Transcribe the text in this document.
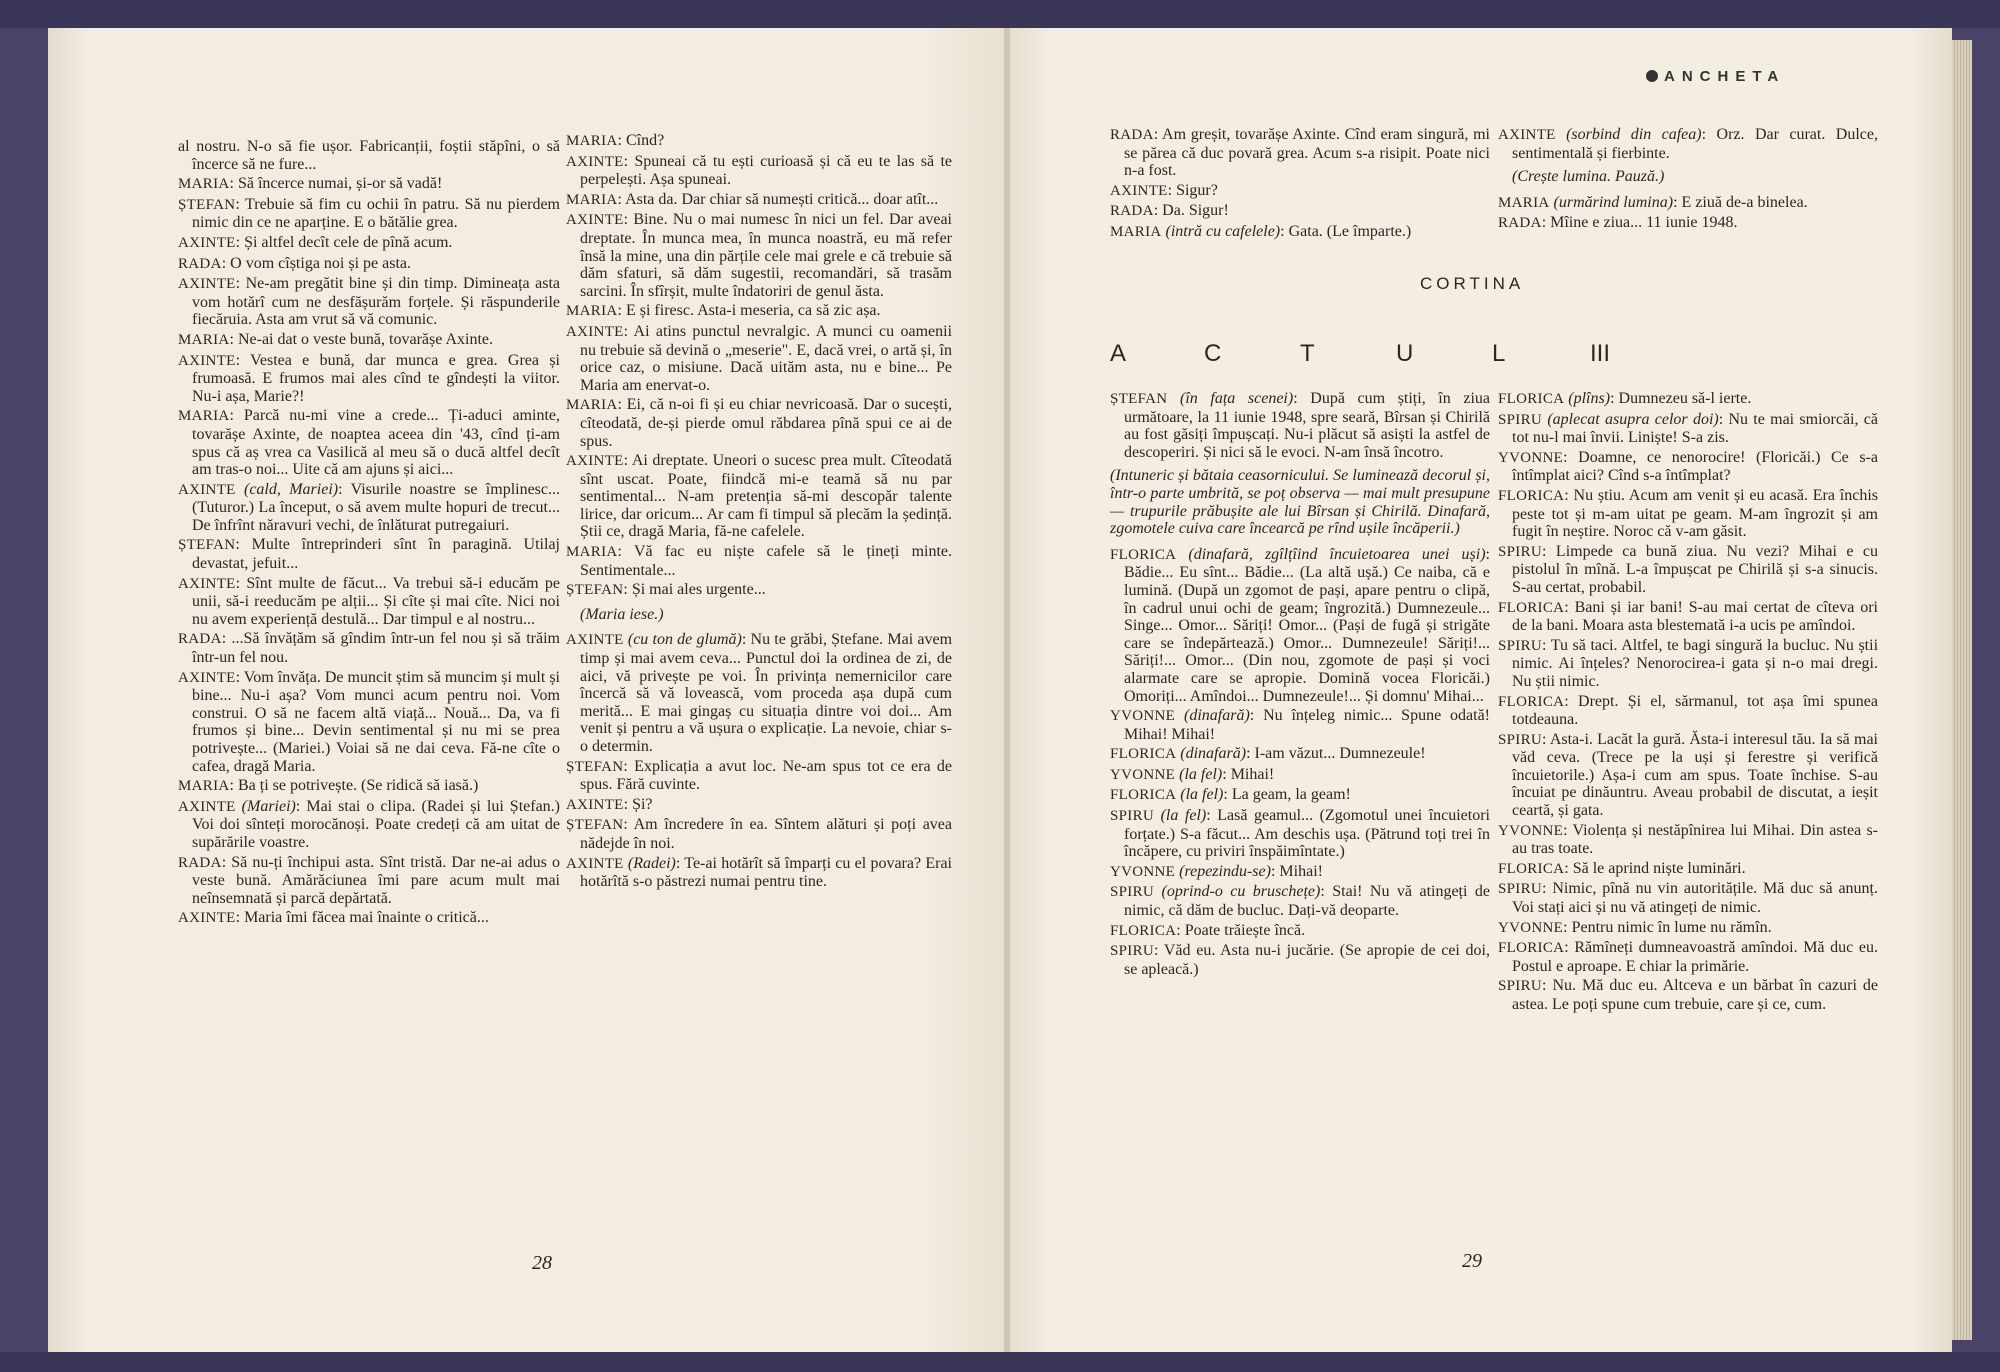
al nostru. N-o să fie ușor. Fabricanții, foștii stăpîni, o să încerce să ne fure...

MARIA: Să încerce numai, și-or să vadă!

ȘTEFAN: Trebuie să fim cu ochii în patru. Să nu pierdem nimic din ce ne aparține. E o bătălie grea.

AXINTE: Și altfel decît cele de pînă acum.

RADA: O vom cîștiga noi și pe asta.

AXINTE: Ne-am pregătit bine și din timp. Dimineața asta vom hotărî cum ne desfășurăm forțele. Și răspunderile fiecăruia. Asta am vrut să vă comunic.

MARIA: Ne-ai dat o veste bună, tovarășe Axinte.

AXINTE: Vestea e bună, dar munca e grea. Grea și frumoasă. E frumos mai ales cînd te gîndești la viitor. Nu-i așa, Marie?!

MARIA: Parcă nu-mi vine a crede... Ți-aduci aminte, tovarășe Axinte, de noaptea aceea din '43, cînd ți-am spus că aș vrea ca Vasilică al meu să o ducă altfel decît am tras-o noi... Uite că am ajuns și aici...

AXINTE (cald, Mariei): Visurile noastre se împlinesc... (Tuturor.) La început, o să avem multe hopuri de trecut... De înfrînt năravuri vechi, de înlăturat putregaiuri.

ȘTEFAN: Multe întreprinderi sînt în paragină. Utilaj devastat, jefuit...

AXINTE: Sînt multe de făcut... Va trebui să-i educăm pe unii, să-i reeducăm pe alții... Și cîte și mai cîte. Nici noi nu avem experiență destulă... Dar timpul e al nostru...

RADA: ...Să învățăm să gîndim într-un fel nou și să trăim într-un fel nou.

AXINTE: Vom învăța. De muncit știm să muncim și mult și bine... Nu-i așa? Vom munci acum pentru noi. Vom construi. O să ne facem altă viață... Nouă... Da, va fi frumos și bine... Devin sentimental și nu mi se prea potrivește... (Mariei.) Voiai să ne dai ceva. Fă-ne cîte o cafea, dragă Maria.

MARIA: Ba ți se potrivește. (Se ridică să iasă.)

AXINTE (Mariei): Mai stai o clipa. (Radei și lui Ștefan.) Voi doi sînteți morocănoși. Poate credeți că am uitat de supărările voastre.

RADA: Să nu-ți închipui asta. Sînt tristă. Dar ne-ai adus o veste bună. Amărăciunea îmi pare acum mult mai neînsemnată și parcă depărtată.

AXINTE: Maria îmi făcea mai înainte o critică...

MARIA: Cînd?

AXINTE: Spuneai că tu ești curioasă și că eu te las să te perpelești. Așa spuneai.

MARIA: Asta da. Dar chiar să numești critică... doar atît...

AXINTE: Bine. Nu o mai numesc în nici un fel. Dar aveai dreptate. În munca mea, în munca noastră, eu mă refer însă la mine, una din părțile cele mai grele e că trebuie să dăm sfaturi, să dăm sugestii, recomandări, să trasăm sarcini. În sfîrșit, multe îndatoriri de genul ăsta.

MARIA: E și firesc. Asta-i meseria, ca să zic așa.

AXINTE: Ai atins punctul nevralgic. A munci cu oamenii nu trebuie să devină o „meserie". E, dacă vrei, o artă și, în orice caz, o misiune. Dacă uităm asta, nu e bine... Pe Maria am enervat-o.

MARIA: Ei, că n-oi fi și eu chiar nevricoasă. Dar o sucești, cîteodată, de-și pierde omul răbdarea pînă spui ce ai de spus.

AXINTE: Ai dreptate. Uneori o sucesc prea mult. Cîteodată sînt uscat. Poate, fiindcă mi-e teamă să nu par sentimental... N-am pretenția să-mi descopăr talente lirice, dar oricum... Ar cam fi timpul să plecăm la ședință. Știi ce, dragă Maria, fă-ne cafelele.

MARIA: Vă fac eu niște cafele să le țineți minte. Sentimentale...

ȘTEFAN: Și mai ales urgente...

(Maria iese.)

AXINTE (cu ton de glumă): Nu te grăbi, Ștefane. Mai avem timp și mai avem ceva... Punctul doi la ordinea de zi, de aici, vă privește pe voi. În privința nemernicilor care încercă să vă lovească, vom proceda așa după cum merită... E mai gingaș cu situația dintre voi doi... Am venit și pentru a vă ușura o explicație. La nevoie, chiar s-o determin.

ȘTEFAN: Explicația a avut loc. Ne-am spus tot ce era de spus. Fără cuvinte.

AXINTE: Și?

ȘTEFAN: Am încredere în ea. Sîntem alături și poți avea nădejde în noi.

AXINTE (Radei): Te-ai hotărît să împarți cu el povara? Erai hotărîtă s-o păstrezi numai pentru tine.

28
ANCHETA

RADA: Am greșit, tovarășe Axinte. Cînd eram singură, mi se părea că duc povară grea. Acum s-a risipit. Poate nici n-a fost.

AXINTE: Sigur?

RADA: Da. Sigur!

MARIA (intră cu cafelele): Gata. (Le împarte.)

AXINTE (sorbind din cafea): Orz. Dar curat. Dulce, sentimentală și fierbinte.

(Crește lumina. Pauză.)

MARIA (urmărind lumina): E ziuă de-a binelea.

RADA: Mîine e ziua... 11 iunie 1948.

CORTINA
A	C	T	U	L	III

ȘTEFAN (în fața scenei): După cum știți, în ziua următoare, la 11 iunie 1948, spre seară, Bîrsan și Chirilă au fost găsiți împușcați. Nu-i plăcut să asiști la astfel de descoperiri. Și nici să le evoci. N-am însă încotro.

(Intuneric și bătaia ceasornicului. Se luminează decorul și, într-o parte umbrită, se poț observa — mai mult presupune — trupurile prăbușite ale lui Bîrsan și Chirilă. Dinafară, zgomotele cuiva care încearcă pe rînd ușile încăperii.)

FLORICA (dinafară, zgîlțîind încuietoarea unei uși): Bădie... Eu sînt... Bădie... (La altă ușă.) Ce naiba, că e lumină. (După un zgomot de pași, apare pentru o clipă, în cadrul unui ochi de geam; îngrozită.) Dumnezeule... Singe... Omor... Săriți! Omor... (Pași de fugă și strigăte care se îndepărtează.) Omor... Dumnezeule! Săriți!... Săriți!... Omor... (Din nou, zgomote de pași și voci alarmate care se apropie. Domină vocea Floricăi.) Omoriți... Amîndoi... Dumnezeule!... Și domnu' Mihai...

YVONNE (dinafară): Nu înțeleg nimic... Spune odată! Mihai! Mihai!

FLORICA (dinafară): I-am văzut... Dumnezeule!

YVONNE (la fel): Mihai!

FLORICA (la fel): La geam, la geam!

SPIRU (la fel): Lasă geamul... (Zgomotul unei încuietori forțate.) S-a făcut... Am deschis ușa. (Pătrund toți trei în încăpere, cu priviri înspăimîntate.)

YVONNE (repezindu-se): Mihai!

SPIRU (oprind-o cu bruschețe): Stai! Nu vă atingeți de nimic, că dăm de bucluc. Dați-vă deoparte.

FLORICA: Poate trăiește încă.

SPIRU: Văd eu. Asta nu-i jucărie. (Se apropie de cei doi, se apleacă.)

FLORICA (plîns): Dumnezeu să-l ierte.

SPIRU (aplecat asupra celor doi): Nu te mai smiorcăi, că tot nu-l mai învii. Liniște! S-a zis.

YVONNE: Doamne, ce nenorocire! (Floricăi.) Ce s-a întîmplat aici? Cînd s-a întîmplat?

FLORICA: Nu știu. Acum am venit și eu acasă. Era închis peste tot și m-am uitat pe geam. M-am îngrozit și am fugit în neștire. Noroc că v-am găsit.

SPIRU: Limpede ca bună ziua. Nu vezi? Mihai e cu pistolul în mînă. L-a împușcat pe Chirilă și s-a sinucis. S-au certat, probabil.

FLORICA: Bani și iar bani! S-au mai certat de cîteva ori de la bani. Moara asta blestemată i-a ucis pe amîndoi.

SPIRU: Tu să taci. Altfel, te bagi singură la bucluc. Nu știi nimic. Ai înțeles? Nenorocirea-i gata și n-o mai dregi. Nu știi nimic.

FLORICA: Drept. Și el, sărmanul, tot așa îmi spunea totdeauna.

SPIRU: Asta-i. Lacăt la gură. Ăsta-i interesul tău. Ia să mai văd ceva. (Trece pe la uși și ferestre și verifică încuietorile.) Așa-i cum am spus. Toate închise. S-au încuiat pe dinăuntru. Aveau probabil de discutat, a ieșit ceartă, și gata.

YVONNE: Violența și nestăpînirea lui Mihai. Din astea s-au tras toate.

FLORICA: Să le aprind niște luminări.

SPIRU: Nimic, pînă nu vin autoritățile. Mă duc să anunț. Voi stați aici și nu vă atingeți de nimic.

YVONNE: Pentru nimic în lume nu rămîn.

FLORICA: Rămîneți dumneavoastră amîndoi. Mă duc eu. Postul e aproape. E chiar la primărie.

SPIRU: Nu. Mă duc eu. Altceva e un bărbat în cazuri de astea. Le poți spune cum trebuie, care și ce, cum.

29
